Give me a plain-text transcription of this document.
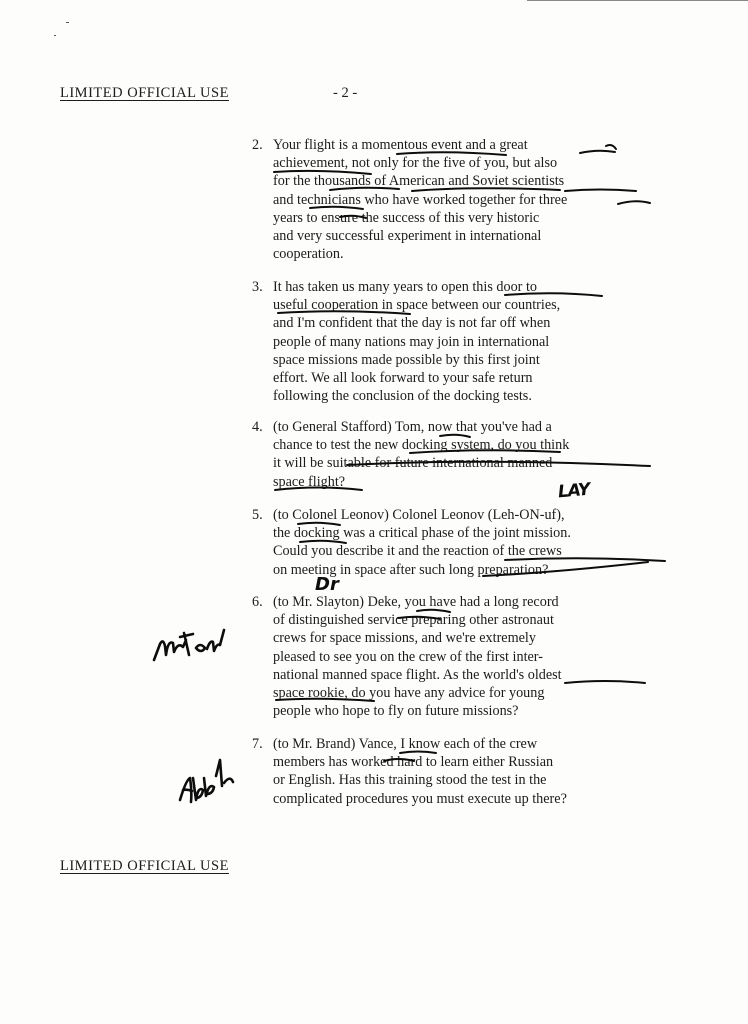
LIMITED OFFICIAL USE	- 2 -
2. Your flight is a momentous event and a great
achievement, not only for the five of you, but also
for the thousands of American and Soviet scientists
and technicians who have worked together for three
years to ensure the success of this very historic
and very successful experiment in international
cooperation.
3. It has taken us many years to open this door to
useful cooperation in space between our countries,
and I'm confident that the day is not far off when
people of many nations may join in international
space missions made possible by this first joint
effort. We all look forward to your safe return
following the conclusion of the docking tests.
4. (to General Stafford) Tom, now that you've had a
chance to test the new docking system, do you think
it will be suitable for future international manned
space flight?
5. (to Colonel Leonov) Colonel Leonov (Leh-ON-uf),
the docking was a critical phase of the joint mission.
Could you describe it and the reaction of the crews
on meeting in space after such long preparation?
6. (to Mr. Slayton) Deke, you have had a long record
of distinguished service preparing other astronaut
crews for space missions, and we're extremely
pleased to see you on the crew of the first inter-
national manned space flight. As the world's oldest
space rookie, do you have any advice for young
people who hope to fly on future missions?
7. (to Mr. Brand) Vance, I know each of the crew
members has worked hard to learn either Russian
or English. Has this training stood the test in the
complicated procedures you must execute up there?
LIMITED OFFICIAL USE
LAY
Dr
